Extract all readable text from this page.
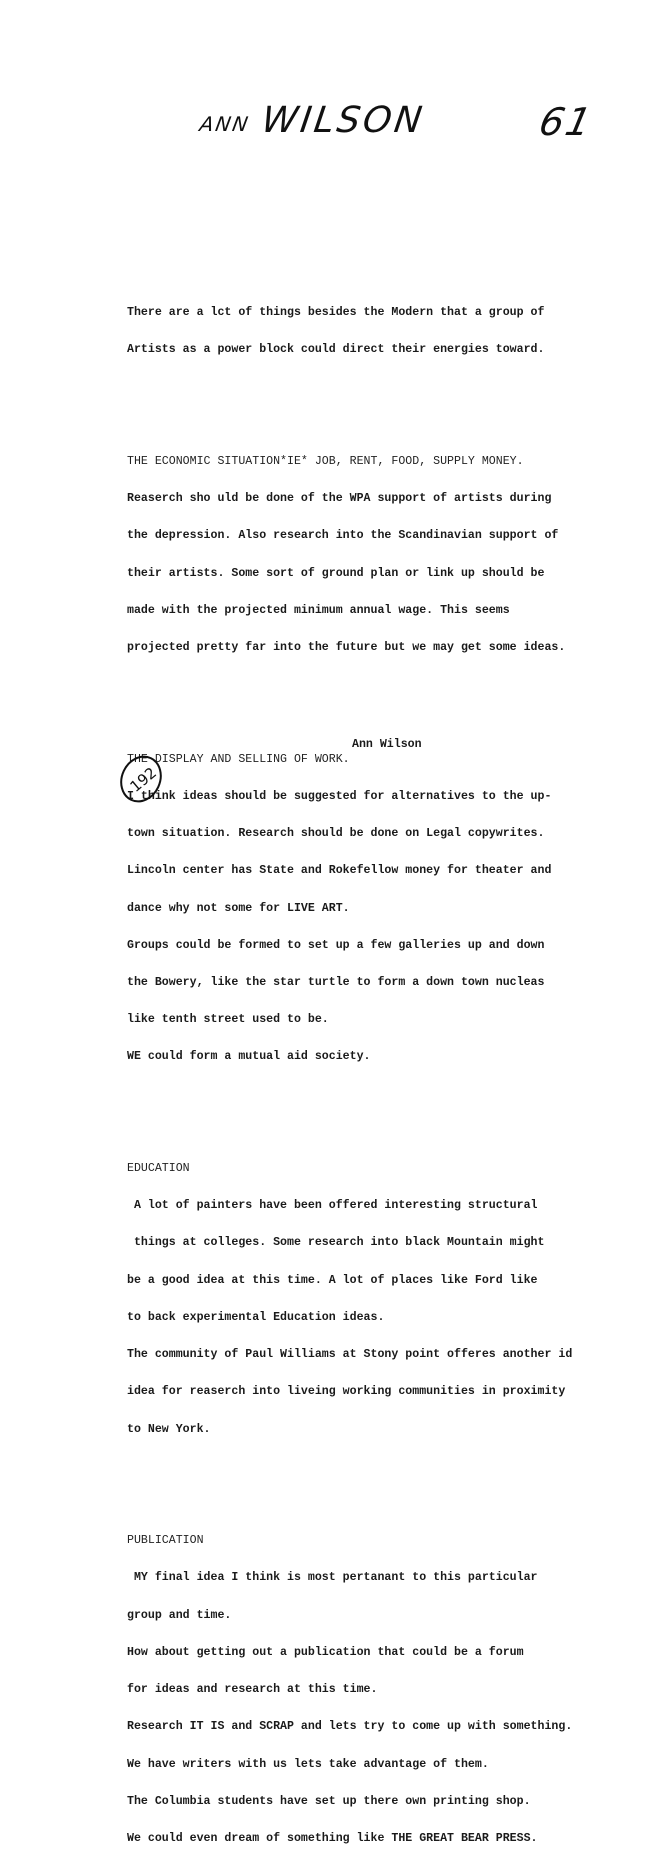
ANN WILSON	61

There are a lct of things besides the Modern that a group of

Artists as a power block could direct their energies toward.

THE ECONOMIC SITUATION*IE* JOB, RENT, FOOD, SUPPLY MONEY.

Reaserch sho uld be done of the WPA support of artists during

the depression. Also research into the Scandinavian support of

their artists. Some sort of ground plan or link up should be

made with the projected minimum annual wage. This seems

projected pretty far into the future but we may get some ideas.

THE DISPLAY AND SELLING OF WORK.

I think ideas should be suggested for alternatives to the up-

town situation. Research should be done on Legal copywrites.

Lincoln center has State and Rokefellow money for theater and

dance why not some for LIVE ART.

Groups could be formed to set up a few galleries up and down

the Bowery, like the star turtle to form a down town nucleas

like tenth street used to be.

WE could form a mutual aid society.

EDUCATION

A lot of painters have been offered interesting structural

things at colleges. Some research into black Mountain might

be a good idea at this time. A lot of places like Ford like

to back experimental Education ideas.

The community of Paul Williams at Stony point offeres another id

idea for reaserch into liveing working communities in proximity

to New York.

PUBLICATION

MY final idea I think is most pertanant to this particular

group and time.

How about getting out a publication that could be a forum

for ideas and research at this time.

Research IT IS and SCRAP and lets try to come up with something.

We have writers with us lets take advantage of them.

The Columbia students have set up there own printing shop.

We could even dream of something like THE GREAT BEAR PRESS.

Ann Wilson
192
